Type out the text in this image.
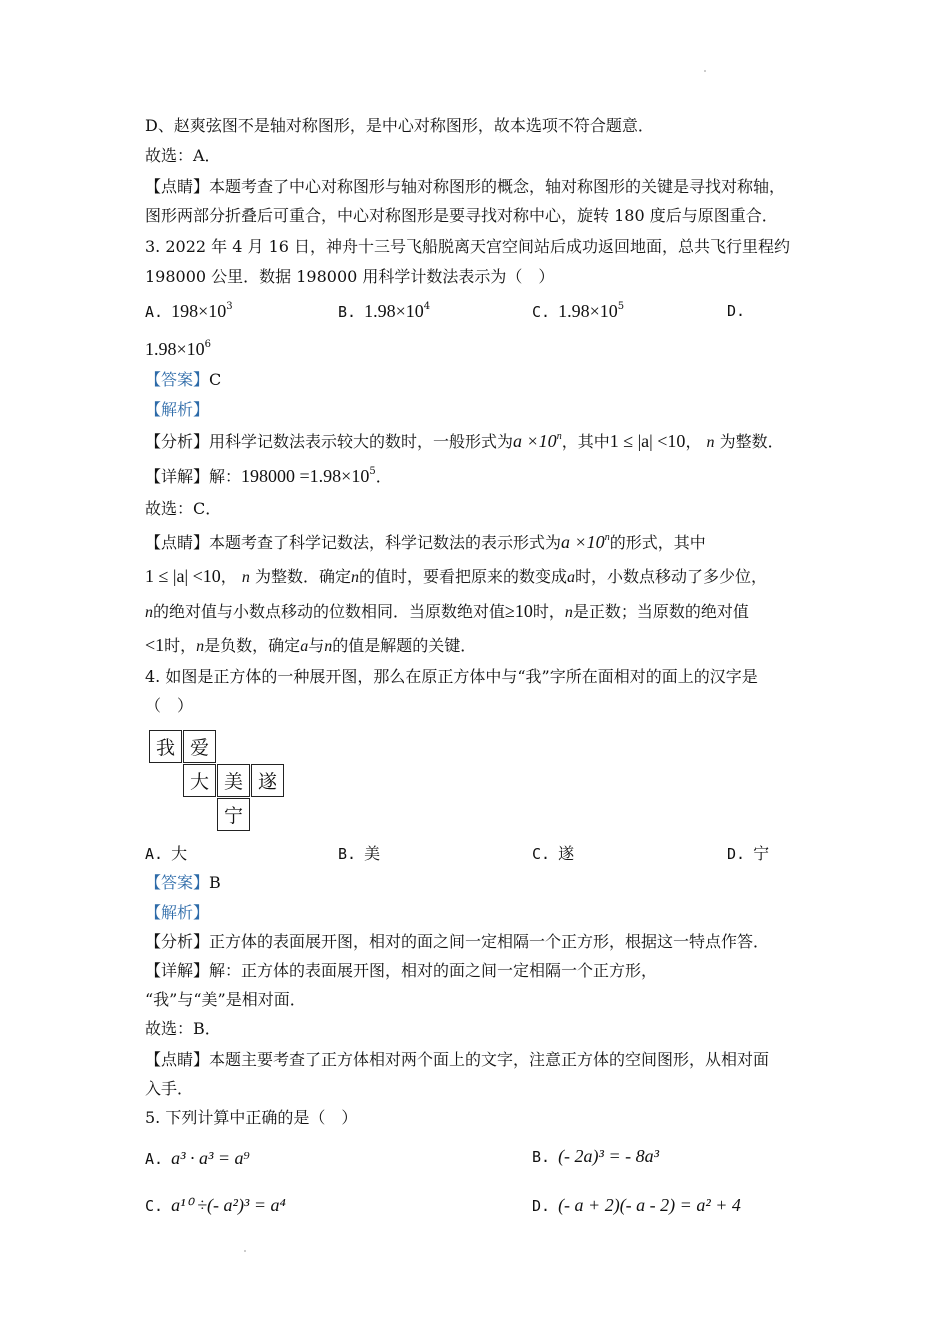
D、赵爽弦图不是轴对称图形，是中心对称图形，故本选项不符合题意．
故选：A．
【点睛】本题考查了中心对称图形与轴对称图形的概念，轴对称图形的关键是寻找对称轴，
图形两部分折叠后可重合，中心对称图形是要寻找对称中心，旋转 180 度后与原图重合．
3. 2022 年 4 月 16 日，神舟十三号飞船脱离天宫空间站后成功返回地面，总共飞行里程约
198000 公里．数据 198000 用科学计数法表示为（　）
A. $198\times 10^3$	B. $1.98\times 10^4$	C. $1.98\times 10^5$	D.
$1.98\times 10^6$
【答案】C
【解析】
【分析】用科学记数法表示较大的数时，一般形式为$a \times 10^n$，其中1 ≤ |a| <10， n 为整数．
【详解】解：$198000 =1.98\times 10^5$．
故选：C．
【点睛】本题考查了科学记数法，科学记数法的表示形式为$a \times 10^n$的形式，其中
1 ≤ |a| <10， n 为整数．确定n的值时，要看把原来的数变成a时，小数点移动了多少位，
n的绝对值与小数点移动的位数相同．当原数绝对值≥10时，n是正数；当原数的绝对值
<1时，n是负数，确定a与n的值是解题的关键．
4. 如图是正方体的一种展开图，那么在原正方体中与“我”字所在面相对的面上的汉字是
（　）
我 爱
大 美 遂
宁
A. 大	B. 美	C. 遂	D. 宁
【答案】B
【解析】
【分析】正方体的表面展开图，相对的面之间一定相隔一个正方形，根据这一特点作答．
【详解】解：正方体的表面展开图，相对的面之间一定相隔一个正方形，
“我”与“美”是相对面．
故选：B．
【点睛】本题主要考查了正方体相对两个面上的文字，注意正方体的空间图形，从相对面
入手．
5. 下列计算中正确的是（　）
A. a³ · a³ = a⁹	B. (- 2a)³ = - 8a³
C. a¹⁰ ÷(- a²)³ = a⁴	D. (- a + 2)(- a - 2) = a² + 4
